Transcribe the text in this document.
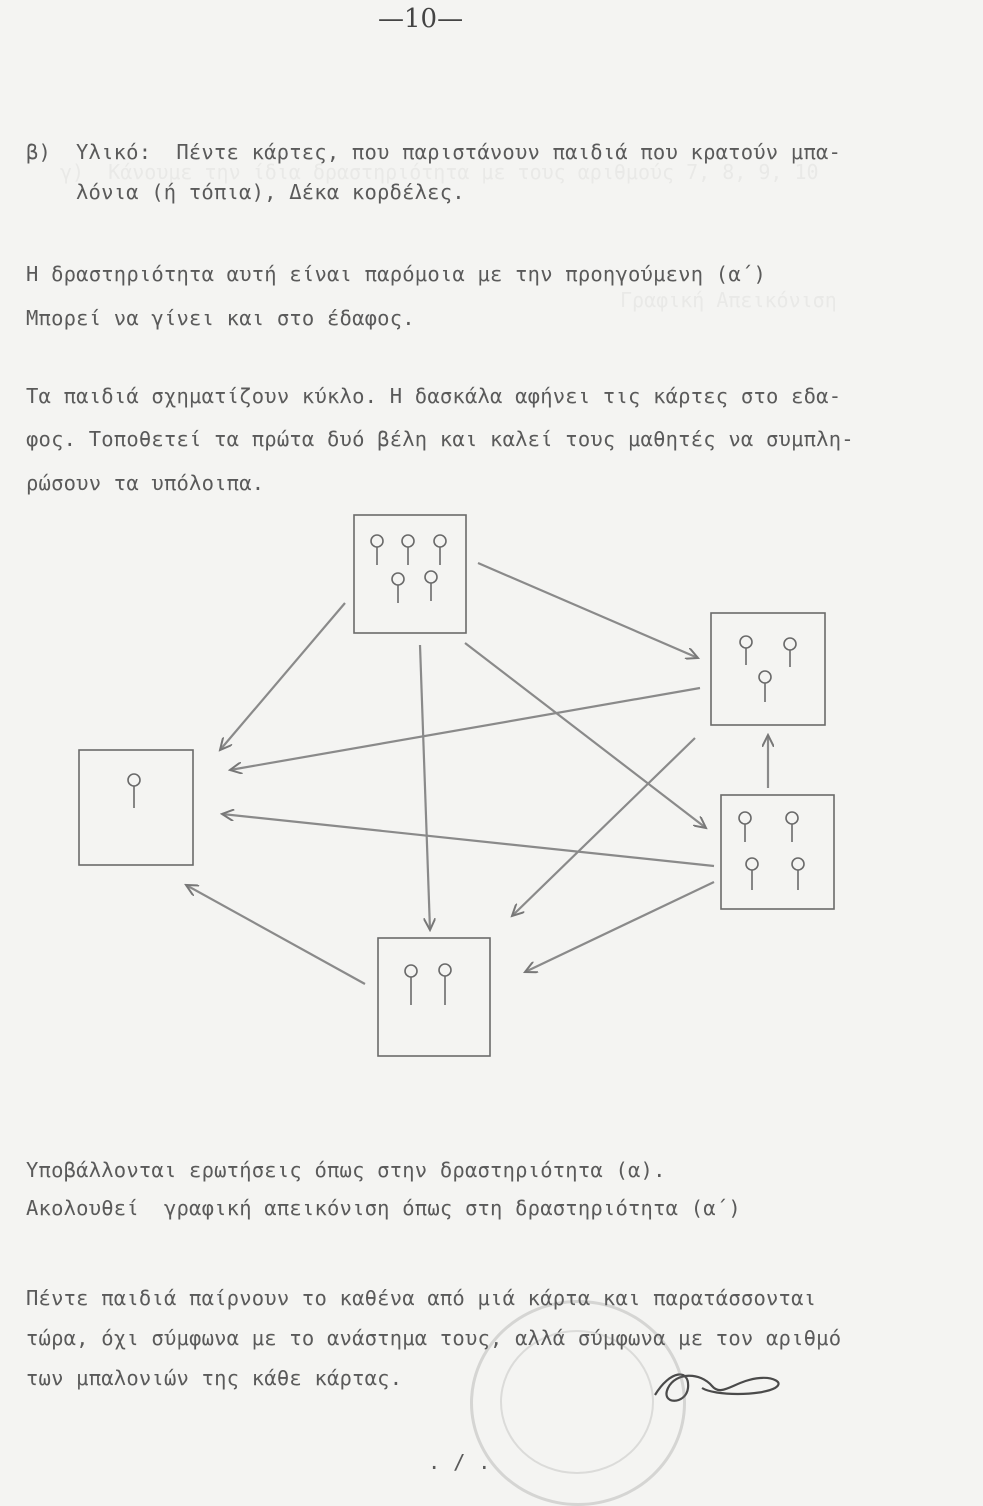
γ)  Κάνουμε την ίδια δραστηριότητα με τους αριθμούς 7, 8, 9, 10
Γραφική Απεικόνιση
—10—
β) Υλικό:  Πέντε κάρτες, που παριστάνουν παιδιά που κρατούν μπα-
λόνια (ή τόπια), Δέκα κορδέλες.
Η δραστηριότητα αυτή είναι παρόμοια με την προηγούμενη (α΄)
Μπορεί να γίνει και στο έδαφος.
Τα παιδιά σχηματίζουν κύκλο. Η δασκάλα αφήνει τις κάρτες στο εδα-
φος. Τοποθετεί τα πρώτα δυό βέλη και καλεί τους μαθητές να συμπλη-
ρώσουν τα υπόλοιπα.
Υποβάλλονται ερωτήσεις όπως στην δραστηριότητα (α).
Ακολουθεί  γραφική απεικόνιση όπως στη δραστηριότητα (α΄)
Πέντε παιδιά παίρνουν το καθένα από μιά κάρτα και παρατάσσονται
τώρα, όχι σύμφωνα με το ανάστημα τους, αλλά σύμφωνα με τον αριθμό
των μπαλονιών της κάθε κάρτας.
. / .
